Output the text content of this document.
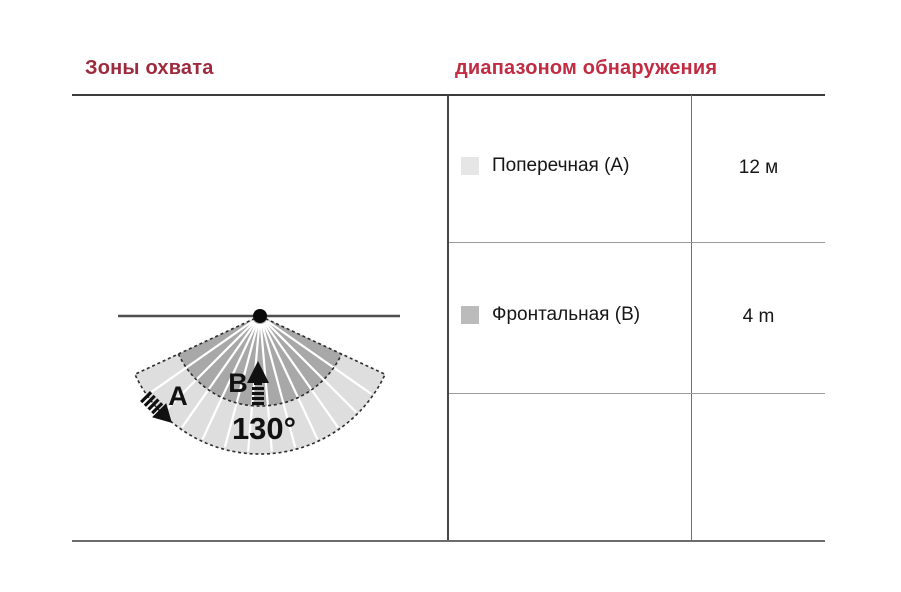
Зоны охвата	диапазоном обнаружения
Поперечная (A)	12 м
Фронтальная (B)	4 m
A B
130°
